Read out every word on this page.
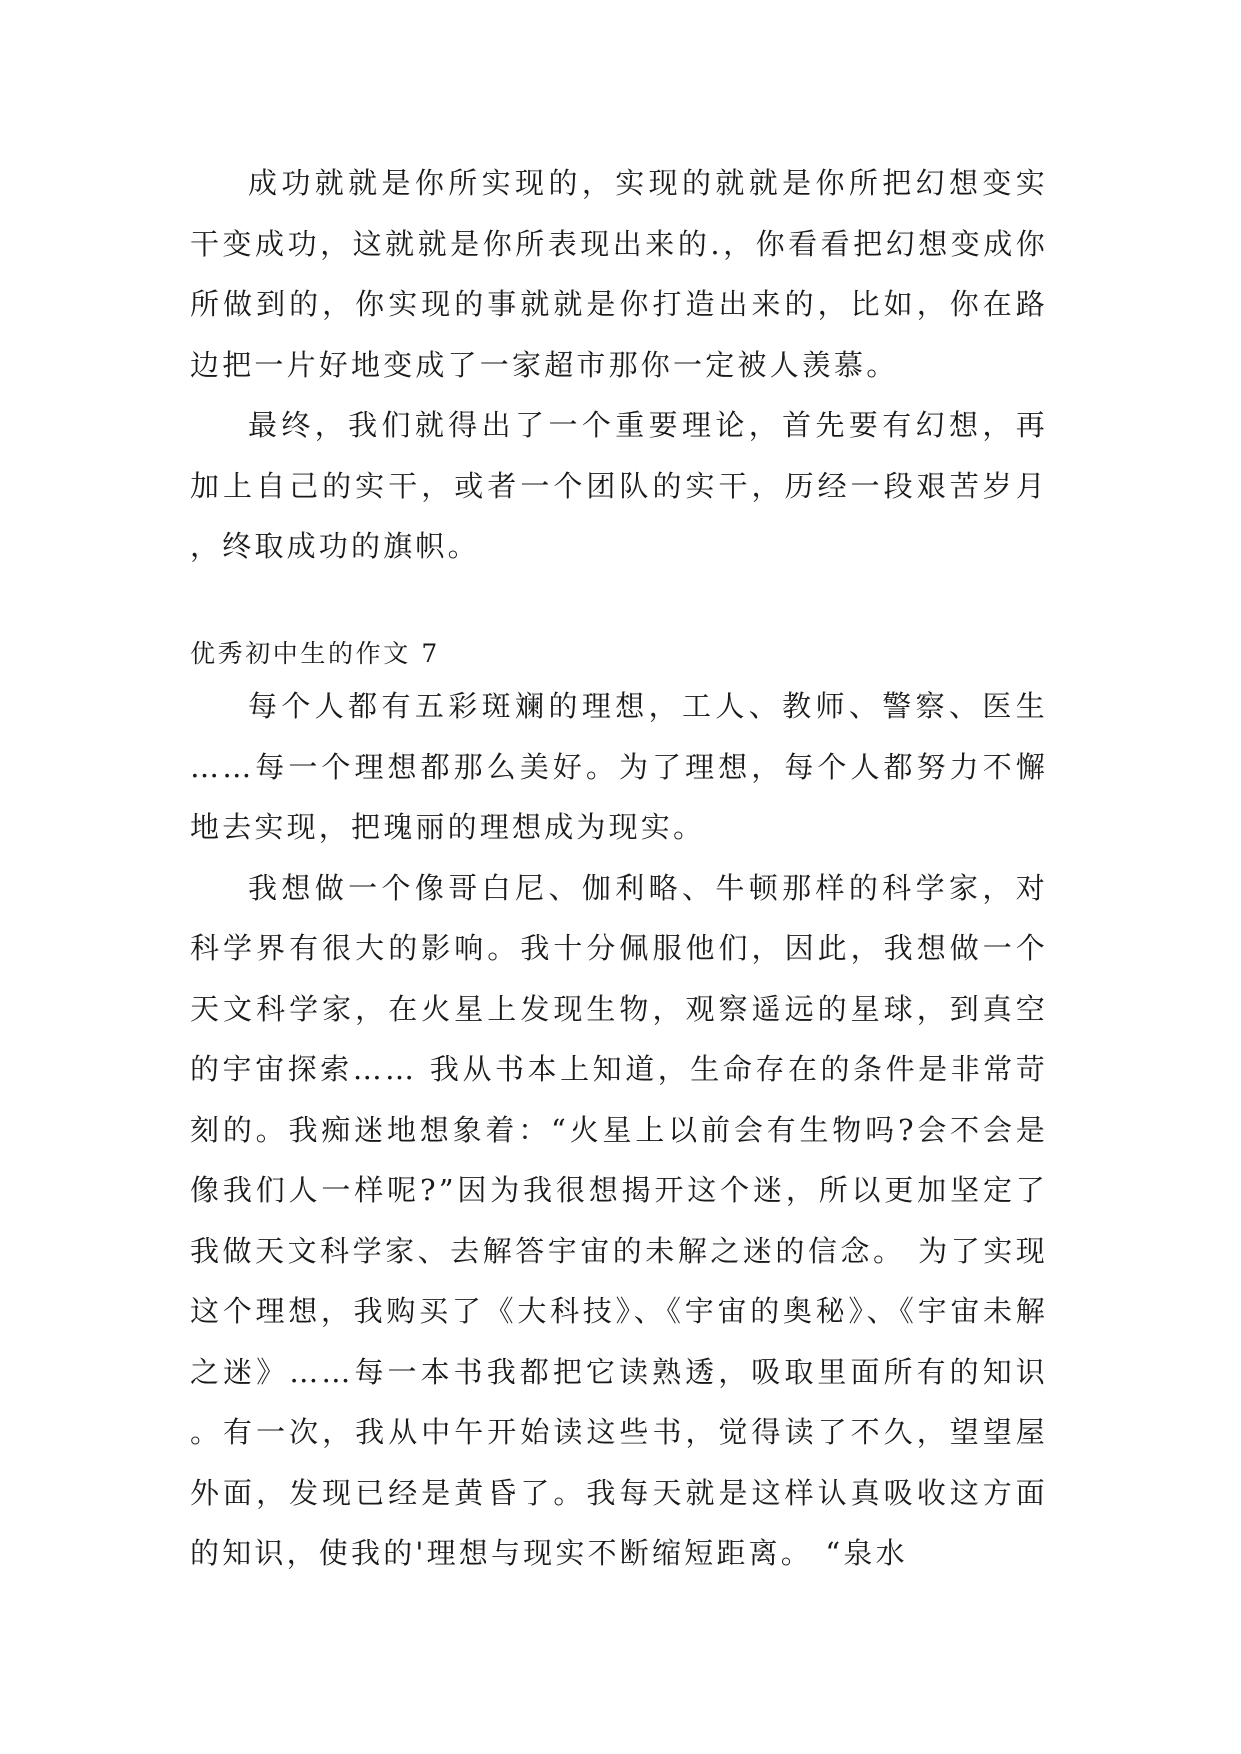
成功就就是你所实现的，实现的就就是你所把幻想变实干变成功，这就就是你所表现出来的.，你看看把幻想变成你所做到的，你实现的事就就是你打造出来的，比如，你在路边把一片好地变成了一家超市那你一定被人羡慕。

最终，我们就得出了一个重要理论，首先要有幻想，再加上自己的实干，或者一个团队的实干，历经一段艰苦岁月，终取成功的旗帜。

优秀初中生的作文 7

每个人都有五彩斑斓的理想，工人、教师、警察、医生……每一个理想都那么美好。为了理想，每个人都努力不懈地去实现，把瑰丽的理想成为现实。

我想做一个像哥白尼、伽利略、牛顿那样的科学家，对科学界有很大的影响。我十分佩服他们，因此，我想做一个天文科学家，在火星上发现生物，观察遥远的星球，到真空的宇宙探索…… 我从书本上知道，生命存在的条件是非常苛刻的。我痴迷地想象着：“火星上以前会有生物吗?会不会是像我们人一样呢?”因为我很想揭开这个迷，所以更加坚定了我做天文科学家、去解答宇宙的未解之迷的信念。 为了实现这个理想，我购买了《大科技》、《宇宙的奥秘》、《宇宙未解之迷》……每一本书我都把它读熟透，吸取里面所有的知识。有一次，我从中午开始读这些书，觉得读了不久，望望屋外面，发现已经是黄昏了。我每天就是这样认真吸收这方面的知识，使我的'理想与现实不断缩短距离。 “泉水
